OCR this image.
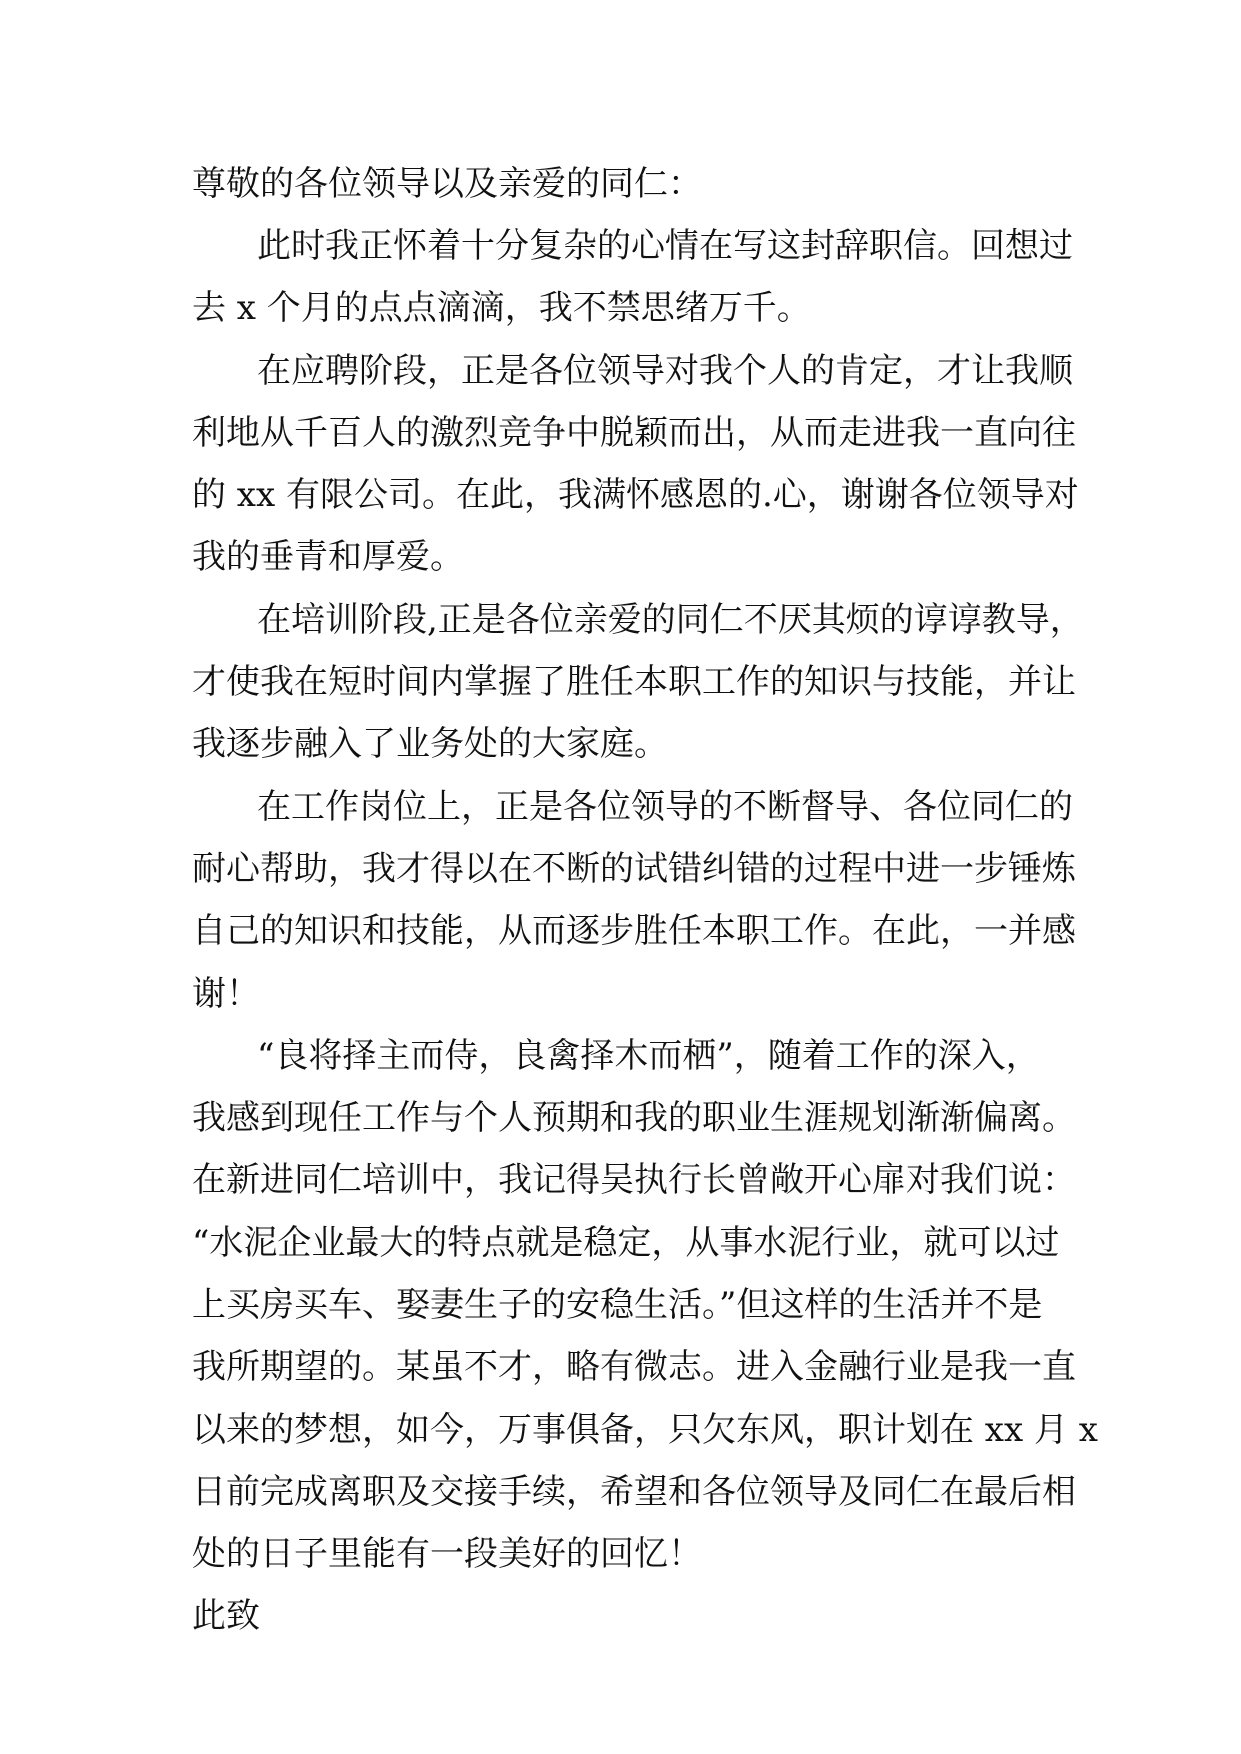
尊敬的各位领导以及亲爱的同仁：

此时我正怀着十分复杂的心情在写这封辞职信。回想过

去 x 个月的点点滴滴，我不禁思绪万千。

在应聘阶段，正是各位领导对我个人的肯定，才让我顺

利地从千百人的激烈竞争中脱颖而出，从而走进我一直向往

的 xx 有限公司。在此，我满怀感恩的.心，谢谢各位领导对

我的垂青和厚爱。

在培训阶段,正是各位亲爱的同仁不厌其烦的谆谆教导，

才使我在短时间内掌握了胜任本职工作的知识与技能，并让

我逐步融入了业务处的大家庭。

在工作岗位上，正是各位领导的不断督导、各位同仁的

耐心帮助，我才得以在不断的试错纠错的过程中进一步锤炼

自己的知识和技能，从而逐步胜任本职工作。在此，一并感

谢！

“良将择主而侍，良禽择木而栖”，随着工作的深入，

我感到现任工作与个人预期和我的职业生涯规划渐渐偏离。

在新进同仁培训中，我记得吴执行长曾敞开心扉对我们说：

“水泥企业最大的特点就是稳定，从事水泥行业，就可以过

上买房买车、娶妻生子的安稳生活。”但这样的生活并不是

我所期望的。某虽不才，略有微志。进入金融行业是我一直

以来的梦想，如今，万事俱备，只欠东风，职计划在 xx 月 x

日前完成离职及交接手续，希望和各位领导及同仁在最后相

处的日子里能有一段美好的回忆！

此致
